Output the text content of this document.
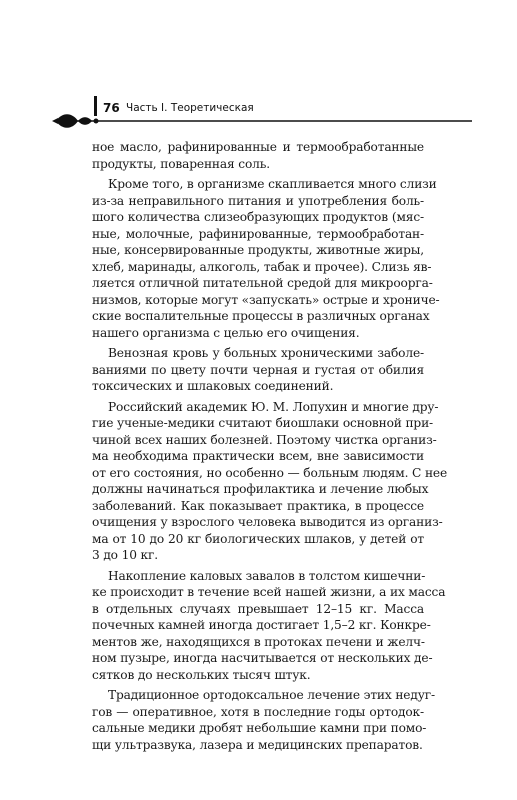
76 Часть I. Теоретическая
ное масло, рафинированные и термообработанные
продукты, поваренная соль.
Кроме того, в организме скапливается много слизи
из-за неправильного питания и употребления боль-
шого количества слизеобразующих продуктов (мяс-
ные, молочные, рафинированные, термообработан-
ные, консервированные продукты, животные жиры,
хлеб, маринады, алкоголь, табак и прочее). Слизь яв-
ляется отличной питательной средой для микроорга-
низмов, которые могут «запускать» острые и хрониче-
ские воспалительные процессы в различных органах
нашего организма с целью его очищения.
Венозная кровь у больных хроническими заболе-
ваниями по цвету почти черная и густая от обилия
токсических и шлаковых соединений.
Российский академик Ю. М. Лопухин и многие дру-
гие ученые-медики считают биошлаки основной при-
чиной всех наших болезней. Поэтому чистка организ-
ма необходима практически всем, вне зависимости
от его состояния, но особенно — больным людям. С нее
должны начинаться профилактика и лечение любых
заболеваний. Как показывает практика, в процессе
очищения у взрослого человека выводится из организ-
ма от 10 до 20 кг биологических шлаков, у детей от
3 до 10 кг.
Накопление каловых завалов в толстом кишечни-
ке происходит в течение всей нашей жизни, а их масса
в отдельных случаях превышает 12–15 кг. Масса
почечных камней иногда достигает 1,5–2 кг. Конкре-
ментов же, находящихся в протоках печени и желч-
ном пузыре, иногда насчитывается от нескольких де-
сятков до нескольких тысяч штук.
Традиционное ортодоксальное лечение этих недуг-
гов — оперативное, хотя в последние годы ортодок-
сальные медики дробят небольшие камни при помо-
щи ультразвука, лазера и медицинских препаратов.
